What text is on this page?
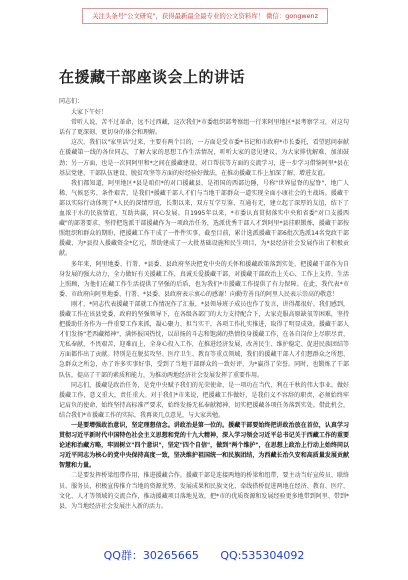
关注头条号"公文研究"，获得最新最全最专业的公文资料库！ 微信：gongwenz
在援藏干部座谈会上的讲话

同志们：

大家下午好！

常听人说，苦不过革命，远不过西藏，这次我们*市委组织部考察组一行来阿里地区*县考察学习，对这句话有了更深刻、更切身的体会和理解。

这次，我们以"家里话"过来，主要有两个目的，一方面是受市委*书记和市政府*市长委托，看望慰问奉献在援藏第一线的各位同志，了解大家的思想工作生活情况，听听大家的意见建议，为大家排忧解难、加油鼓劲；另一方面，也是一次同阿里和*之间在援藏建设、对口帮扶等方面的交流学习，进一步学习借鉴阿里*县在基层党建、干部队伍建设、脱贫攻坚等方面的好经验好做法，在推动援藏工作上加深了解、增进友谊。

我们都知道，阿里地区*县是咱们*的对口援藏县，是祖国的西部边陲，号称"世界屋脊的屋脊"，地广人稀、气候恶劣、条件艰苦，是我们*援藏干部人才们与当地干部群众一道实现全面小康社会的主战场。援藏干部以实际行动体现了*人民的深情厚谊，长期以来，双方互学互鉴、互通有无，建立起了深厚的友谊，结下了血浓于水的民族情谊，互助共赢，同心发展。自1995年以来，*市委认真贯彻落实中央和省委"对口支援西藏"的部署要求，坚持把选派干部援藏作为一项政治任务，选派优秀干部人才到阿里*县挂职锻炼，援藏干部按照组织和群众的期盼，把援藏工作干成了一件件实事，截至目前，累计选派援藏干部6批次选派14名党政干部援藏，为*县投入援藏资金*亿元，帮助建成了一大批基础设施和民生项目，为*县经济社会发展作出了积极贡献。

多年来，阿里地委、行署、*县委、县政府坚决把党中央的关怀和援藏政策落到实处，把援藏干部作为自身发展的强大动力，全力做好有关援藏工作，真诚关爱援藏干部，对援藏干部政治上关心、工作上支持、生活上照顾，为他们在藏工作生活提供了坚强的后盾，也为我们*市援藏工作提供了有力保障。在此，我代表*市委、市政府向阿里地委、行署、*县委、县政府表示衷心的感谢！向勤劳善良的阿里人民表示崇高的敬意！

刚才，*同志代表援藏干部就工作情况作了汇报，*县领导班子成员也作了发言，讲得都很好。我们感到，援藏工作在该县党委、政府的坚强领导下，在各级各部门的大力支持配合下，大家克服高原缺氧等困难，坚持把援助任务作为一件重要工作来抓，凝心聚力、担当实干，各项工作扎实推进，取得了明显成效。援藏干部人才们发扬"老西藏精神"，满怀报国热忱，以昂扬的斗志和饱满的热情投身援藏工作，在各自岗位上尽职尽责、无私奉献，不畏艰苦，迎难而上，全身心投入工作，在推进经济发展、改善民生、维护稳定、促进民族团结等方面都作出了贡献。特别是在脱贫攻坚、医疗卫生、教育等重点领域，我们的援藏干部人才们想群众之所想、急群众之所急，办了许多实事好事，受到了当地干部群众的一致好评，为*赢得了荣誉。同时，也锻炼了干部队伍，提高了干部的素质和能力，为推动两地经济社会发展发挥了重要作用。

同志们，援藏是政治任务，是党中央赋予我们的光荣使命，是一项功在当代、利在千秋的伟大事业。做好援藏工作，意义重大，责任重大。对于我们*市来说，把援藏工作做好，是我们义不容辞的职责，必须始终牢记肩负的使命，始终坚持高标准严要求，始终发扬无私奉献精神，切实把援藏各项任务落到实处。借此机会，结合我们*市援藏工作的实际，我再谈几点意见，与大家共勉。

一是要增强政治意识，坚定理想信念。讲政治是第一位的。援藏干部要始终把讲政治放在首位，认真学习贯彻习近平新时代中国特色社会主义思想和党的十九大精神，深入学习领会习近平总书记关于西藏工作的重要论述和治藏方略，牢固树立"四个意识"，坚定"四个自信"，做到"两个维护"，在思想上政治上行动上始终同以习近平同志为核心的党中央保持高度一致，坚决维护祖国统一和民族团结，为西藏长治久安和高质量发展贡献智慧和力量。

二是要发挥桥梁纽带作用，推进援藏合作。援藏干部是连接两地的桥梁和纽带，要主动当好宣传员、联络员、服务员，积极宣传推介当地的资源优势、发展成果和民族文化，牵线搭桥促进两地在经济、教育、医疗、文化、人才等领域的交流合作，推动援藏项目落地见效，把*市的优质资源和发展经验更多地带到阿里、带到*县，为当地经济社会发展注入新的活力。

QQ群：30265665 QQ:535304092
